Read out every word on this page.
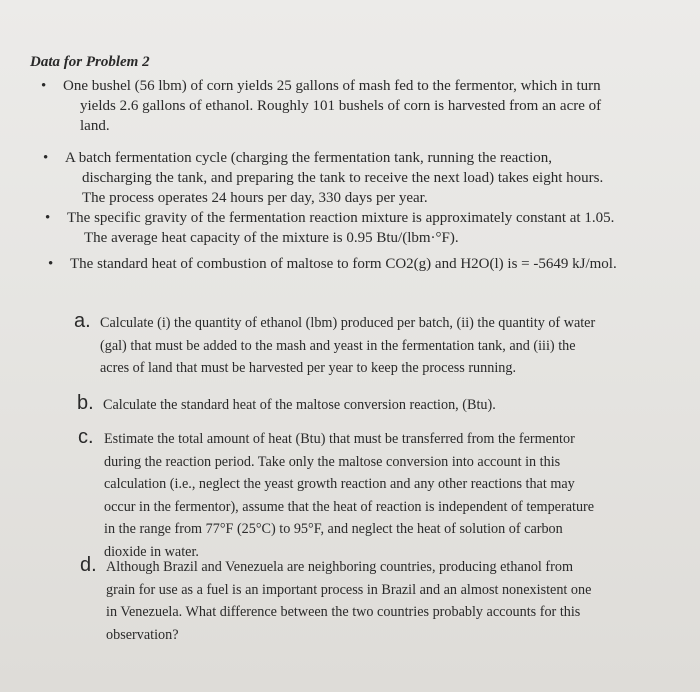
Data for Problem 2
• One bushel (56 lbm) of corn yields 25 gallons of mash fed to the fermentor, which in turn
yields 2.6 gallons of ethanol. Roughly 101 bushels of corn is harvested from an acre of
land.
• A batch fermentation cycle (charging the fermentation tank, running the reaction,
discharging the tank, and preparing the tank to receive the next load) takes eight hours.
The process operates 24 hours per day, 330 days per year.
• The specific gravity of the fermentation reaction mixture is approximately constant at 1.05.
The average heat capacity of the mixture is 0.95 Btu/(lbm·°F).
• The standard heat of combustion of maltose to form CO2(g) and H2O(l) is = -5649 kJ/mol.
a. Calculate (i) the quantity of ethanol (lbm) produced per batch, (ii) the quantity of water
(gal) that must be added to the mash and yeast in the fermentation tank, and (iii) the
acres of land that must be harvested per year to keep the process running.
b. Calculate the standard heat of the maltose conversion reaction, (Btu).
c. Estimate the total amount of heat (Btu) that must be transferred from the fermentor
during the reaction period. Take only the maltose conversion into account in this
calculation (i.e., neglect the yeast growth reaction and any other reactions that may
occur in the fermentor), assume that the heat of reaction is independent of temperature
in the range from 77°F (25°C) to 95°F, and neglect the heat of solution of carbon
dioxide in water.
d. Although Brazil and Venezuela are neighboring countries, producing ethanol from
grain for use as a fuel is an important process in Brazil and an almost nonexistent one
in Venezuela. What difference between the two countries probably accounts for this
observation?
